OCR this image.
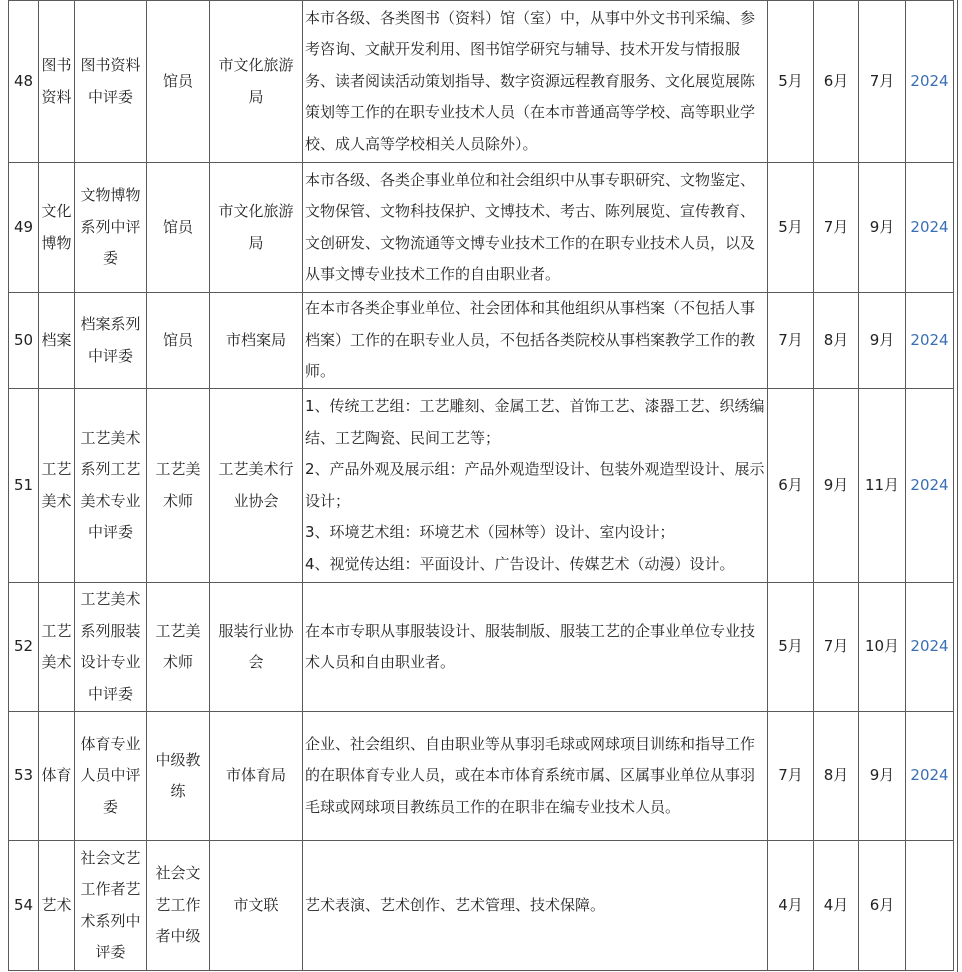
48	图书资料	图书资料中评委	馆员	市文化旅游局	本市各级、各类图书（资料）馆（室）中，从事中外文书刊采编、参考咨询、文献开发利用、图书馆学研究与辅导、技术开发与情报服务、读者阅读活动策划指导、数字资源远程教育服务、文化展览展陈策划等工作的在职专业技术人员（在本市普通高等学校、高等职业学校、成人高等学校相关人员除外）。	5月	6月	7月	2024
49	文化博物	文物博物系列中评委	馆员	市文化旅游局	本市各级、各类企事业单位和社会组织中从事专职研究、文物鉴定、文物保管、文物科技保护、文博技术、考古、陈列展览、宣传教育、文创研发、文物流通等文博专业技术工作的在职专业技术人员，以及从事文博专业技术工作的自由职业者。	5月	7月	9月	2024
50	档案	档案系列中评委	馆员	市档案局	在本市各类企事业单位、社会团体和其他组织从事档案（不包括人事档案）工作的在职专业人员，不包括各类院校从事档案教学工作的教师。	7月	8月	9月	2024
51	工艺美术	工艺美术系列工艺美术专业中评委	工艺美术师	工艺美术行业协会	1、传统工艺组：工艺雕刻、金属工艺、首饰工艺、漆器工艺、织绣编结、工艺陶瓷、民间工艺等；
2、产品外观及展示组：产品外观造型设计、包装外观造型设计、展示设计；
3、环境艺术组：环境艺术（园林等）设计、室内设计；
4、视觉传达组：平面设计、广告设计、传媒艺术（动漫）设计。	6月	9月	11月	2024
52	工艺美术	工艺美术系列服装设计专业中评委	工艺美术师	服装行业协会	在本市专职从事服装设计、服装制版、服装工艺的企事业单位专业技术人员和自由职业者。	5月	7月	10月	2024
53	体育	体育专业人员中评委	中级教练	市体育局	企业、社会组织、自由职业等从事羽毛球或网球项目训练和指导工作的在职体育专业人员，或在本市体育系统市属、区属事业单位从事羽毛球或网球项目教练员工作的在职非在编专业技术人员。	7月	8月	9月	2024
54	艺术	社会文艺工作者艺术系列中评委	社会文艺工作者中级	市文联	艺术表演、艺术创作、艺术管理、技术保障。	4月	4月	6月	
